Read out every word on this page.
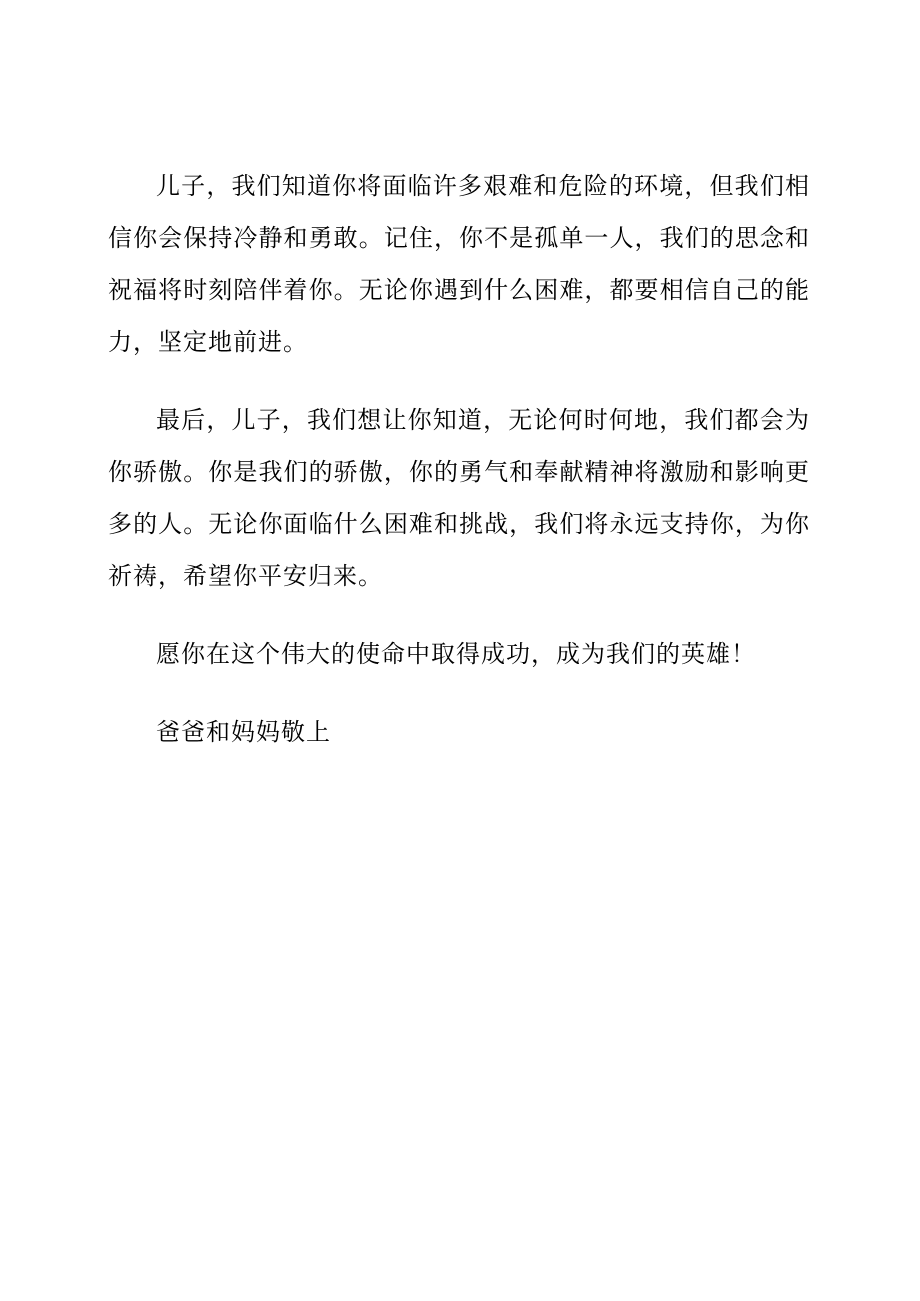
儿子，我们知道你将面临许多艰难和危险的环境，但我们相信你会保持冷静和勇敢。记住，你不是孤单一人，我们的思念和祝福将时刻陪伴着你。无论你遇到什么困难，都要相信自己的能力，坚定地前进。

最后，儿子，我们想让你知道，无论何时何地，我们都会为你骄傲。你是我们的骄傲，你的勇气和奉献精神将激励和影响更多的人。无论你面临什么困难和挑战，我们将永远支持你，为你祈祷，希望你平安归来。

愿你在这个伟大的使命中取得成功，成为我们的英雄！

爸爸和妈妈敬上
